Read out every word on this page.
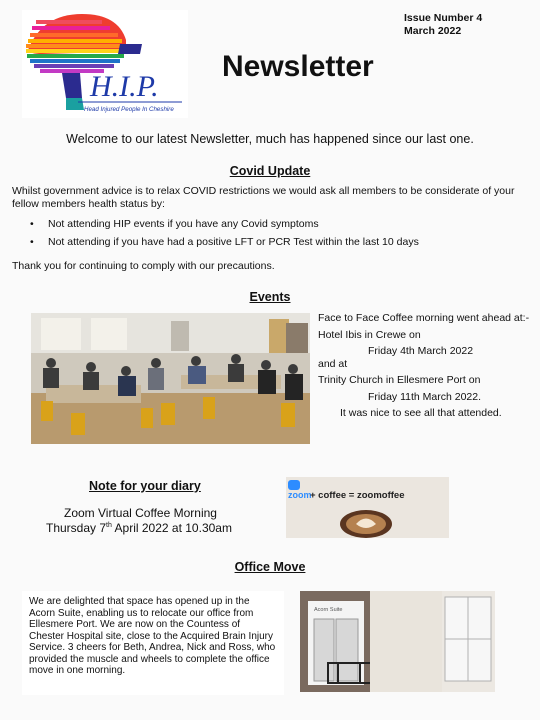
H.I.P.
Head Injured People In Cheshire
Issue Number 4
March 2022
Newsletter
Welcome to our latest Newsletter, much has happened since our last one.
Covid Update
Whilst government advice is to relax COVID restrictions we would ask all members to be considerate of your fellow members health status by:
• Not attending HIP events if you have any Covid symptoms
• Not attending if you have had a positive LFT or PCR Test within the last 10 days
Thank you for continuing to comply with our precautions.
Events
Face to Face Coffee morning went ahead at:-
Hotel Ibis in Crewe on
Friday 4th March 2022
and at
Trinity Church in Ellesmere Port on
Friday 11th March 2022.
It was nice to see all that attended.
Note for your diary
Zoom Virtual Coffee Morning
Thursday 7th April 2022 at 10.30am
zoom
+ coffee = zoomoffee
Office Move
We are delighted that space has opened up in the Acorn Suite, enabling us to relocate our office from Ellesmere Port. We are now on the Countess of Chester Hospital site, close to the Acquired Brain Injury Service. 3 cheers for Beth, Andrea, Nick and Ross, who provided the muscle and wheels to complete the office move in one morning.
Acorn Suite
